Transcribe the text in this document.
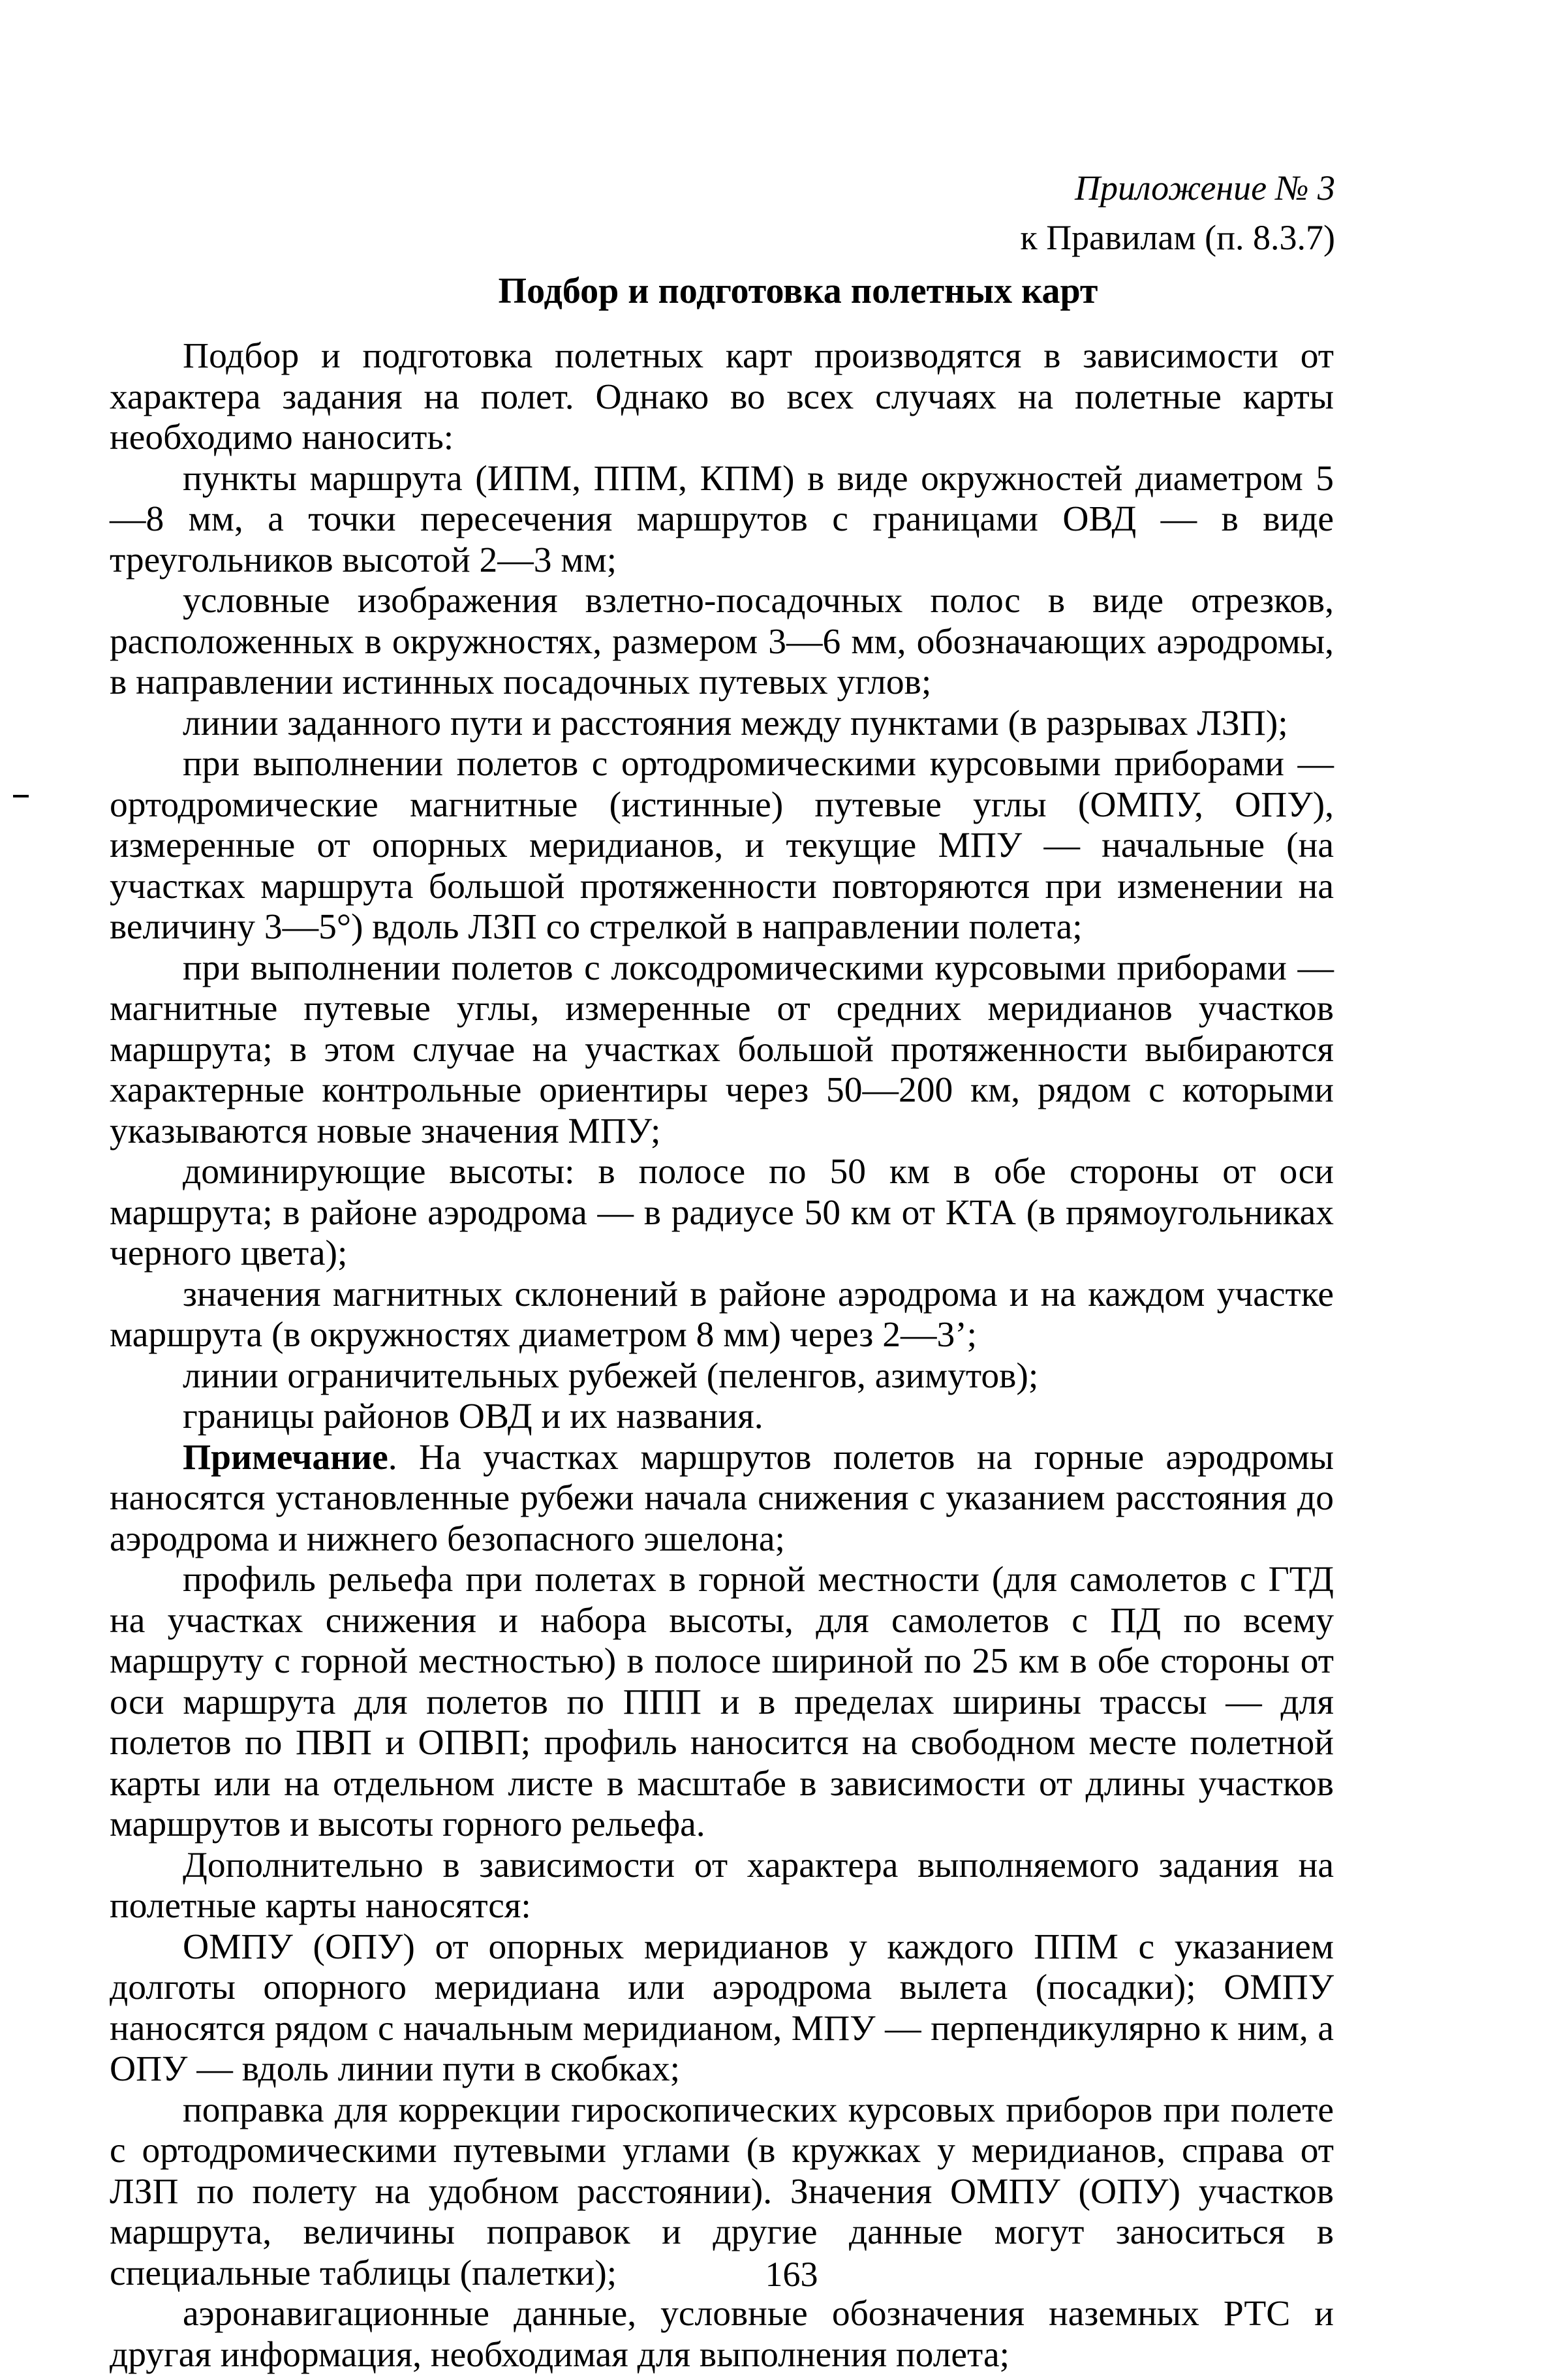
Приложение № 3
к Правилам (п. 8.3.7)
Подбор и подготовка полетных карт

Подбор и подготовка полетных карт производятся в зависимости от характера задания на полет. Однако во всех случаях на полетные карты необходимо наносить:

пункты маршрута (ИПМ, ППМ, КПМ) в виде окружностей диаметром 5—8 мм, а точки пересечения маршрутов с границами ОВД — в виде треугольников высотой 2—3 мм;

условные изображения взлетно-посадочных полос в виде отрезков, расположенных в окружностях, размером 3—6 мм, обозначающих аэродромы, в направлении истинных посадочных путевых углов;

линии заданного пути и расстояния между пунктами (в разрывах ЛЗП);

при выполнении полетов с ортодромическими курсовыми приборами — ортодромические магнитные (истинные) путевые углы (ОМПУ, ОПУ), измеренные от опорных меридианов, и текущие МПУ — начальные (на участках маршрута большой протяженности повторяются при изменении на величину 3—5°) вдоль ЛЗП со стрелкой в направлении полета;

при выполнении полетов с локсодромическими курсовыми приборами —магнитные путевые углы, измеренные от средних меридианов участков маршрута; в этом случае на участках большой протяженности выбираются характерные контрольные ориентиры через 50—200 км, рядом с которыми указываются новые значения МПУ;

доминирующие высоты: в полосе по 50 км в обе стороны от оси маршрута; в районе аэродрома — в радиусе 50 км от КТА (в прямоугольниках черного цвета);

значения магнитных склонений в районе аэродрома и на каждом участке маршрута (в окружностях диаметром 8 мм) через 2—3’;

линии ограничительных рубежей (пеленгов, азимутов);

границы районов ОВД и их названия.

Примечание. На участках маршрутов полетов на горные аэродромы наносятся установленные рубежи начала снижения с указанием расстояния до аэродрома и нижнего безопасного эшелона;

профиль рельефа при полетах в горной местности (для самолетов с ГТД на участках снижения и набора высоты, для самолетов с ПД по всему маршруту с горной местностью) в полосе шириной по 25 км в обе стороны от оси маршрута для полетов по ППП и в пределах ширины трассы — для полетов по ПВП и ОПВП; профиль наносится на свободном месте полетной карты или на отдельном листе в масштабе в зависимости от длины участков маршрутов и высоты горного рельефа.

Дополнительно в зависимости от характера выполняемого задания на полетные карты наносятся:

ОМПУ (ОПУ) от опорных меридианов у каждого ППМ с указанием долготы опорного меридиана или аэродрома вылета (посадки); ОМПУ наносятся рядом с начальным меридианом, МПУ — перпендикулярно к ним, а ОПУ — вдоль линии пути в скобках;

поправка для коррекции гироскопических курсовых приборов при полете с ортодромическими путевыми углами (в кружках у меридианов, справа от ЛЗП по полету на удобном расстоянии). Значения ОМПУ (ОПУ) участков маршрута, величины поправок и другие данные могут заноситься в специальные таблицы (палетки);

аэронавигационные данные, условные обозначения наземных РТС и другая информация, необходимая для выполнения полета;

163
